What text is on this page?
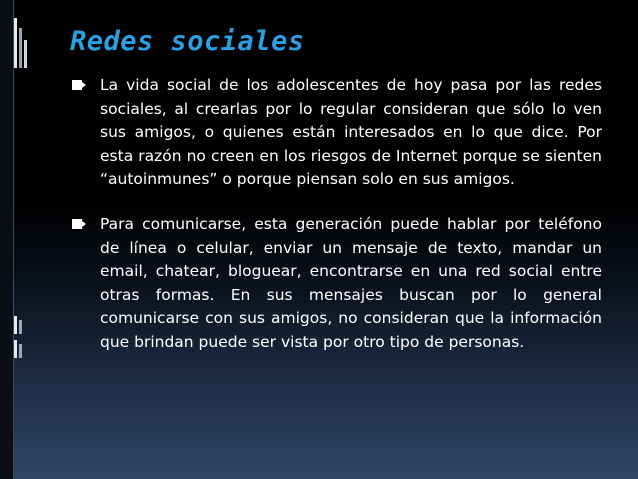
Redes sociales
La vida social de los adolescentes de hoy pasa por las redes sociales, al crearlas por lo regular consideran que sólo lo ven sus amigos, o quienes están interesados en lo que dice. Por esta razón no creen en los riesgos de Internet porque se sienten “autoinmunes” o porque piensan solo en sus amigos.
Para comunicarse, esta generación puede hablar por teléfono de línea o celular, enviar un mensaje de texto, mandar un email, chatear, bloguear, encontrarse en una red social entre otras formas. En sus mensajes buscan por lo general comunicarse con sus amigos, no consideran que la información que brindan puede ser vista por otro tipo de personas.
